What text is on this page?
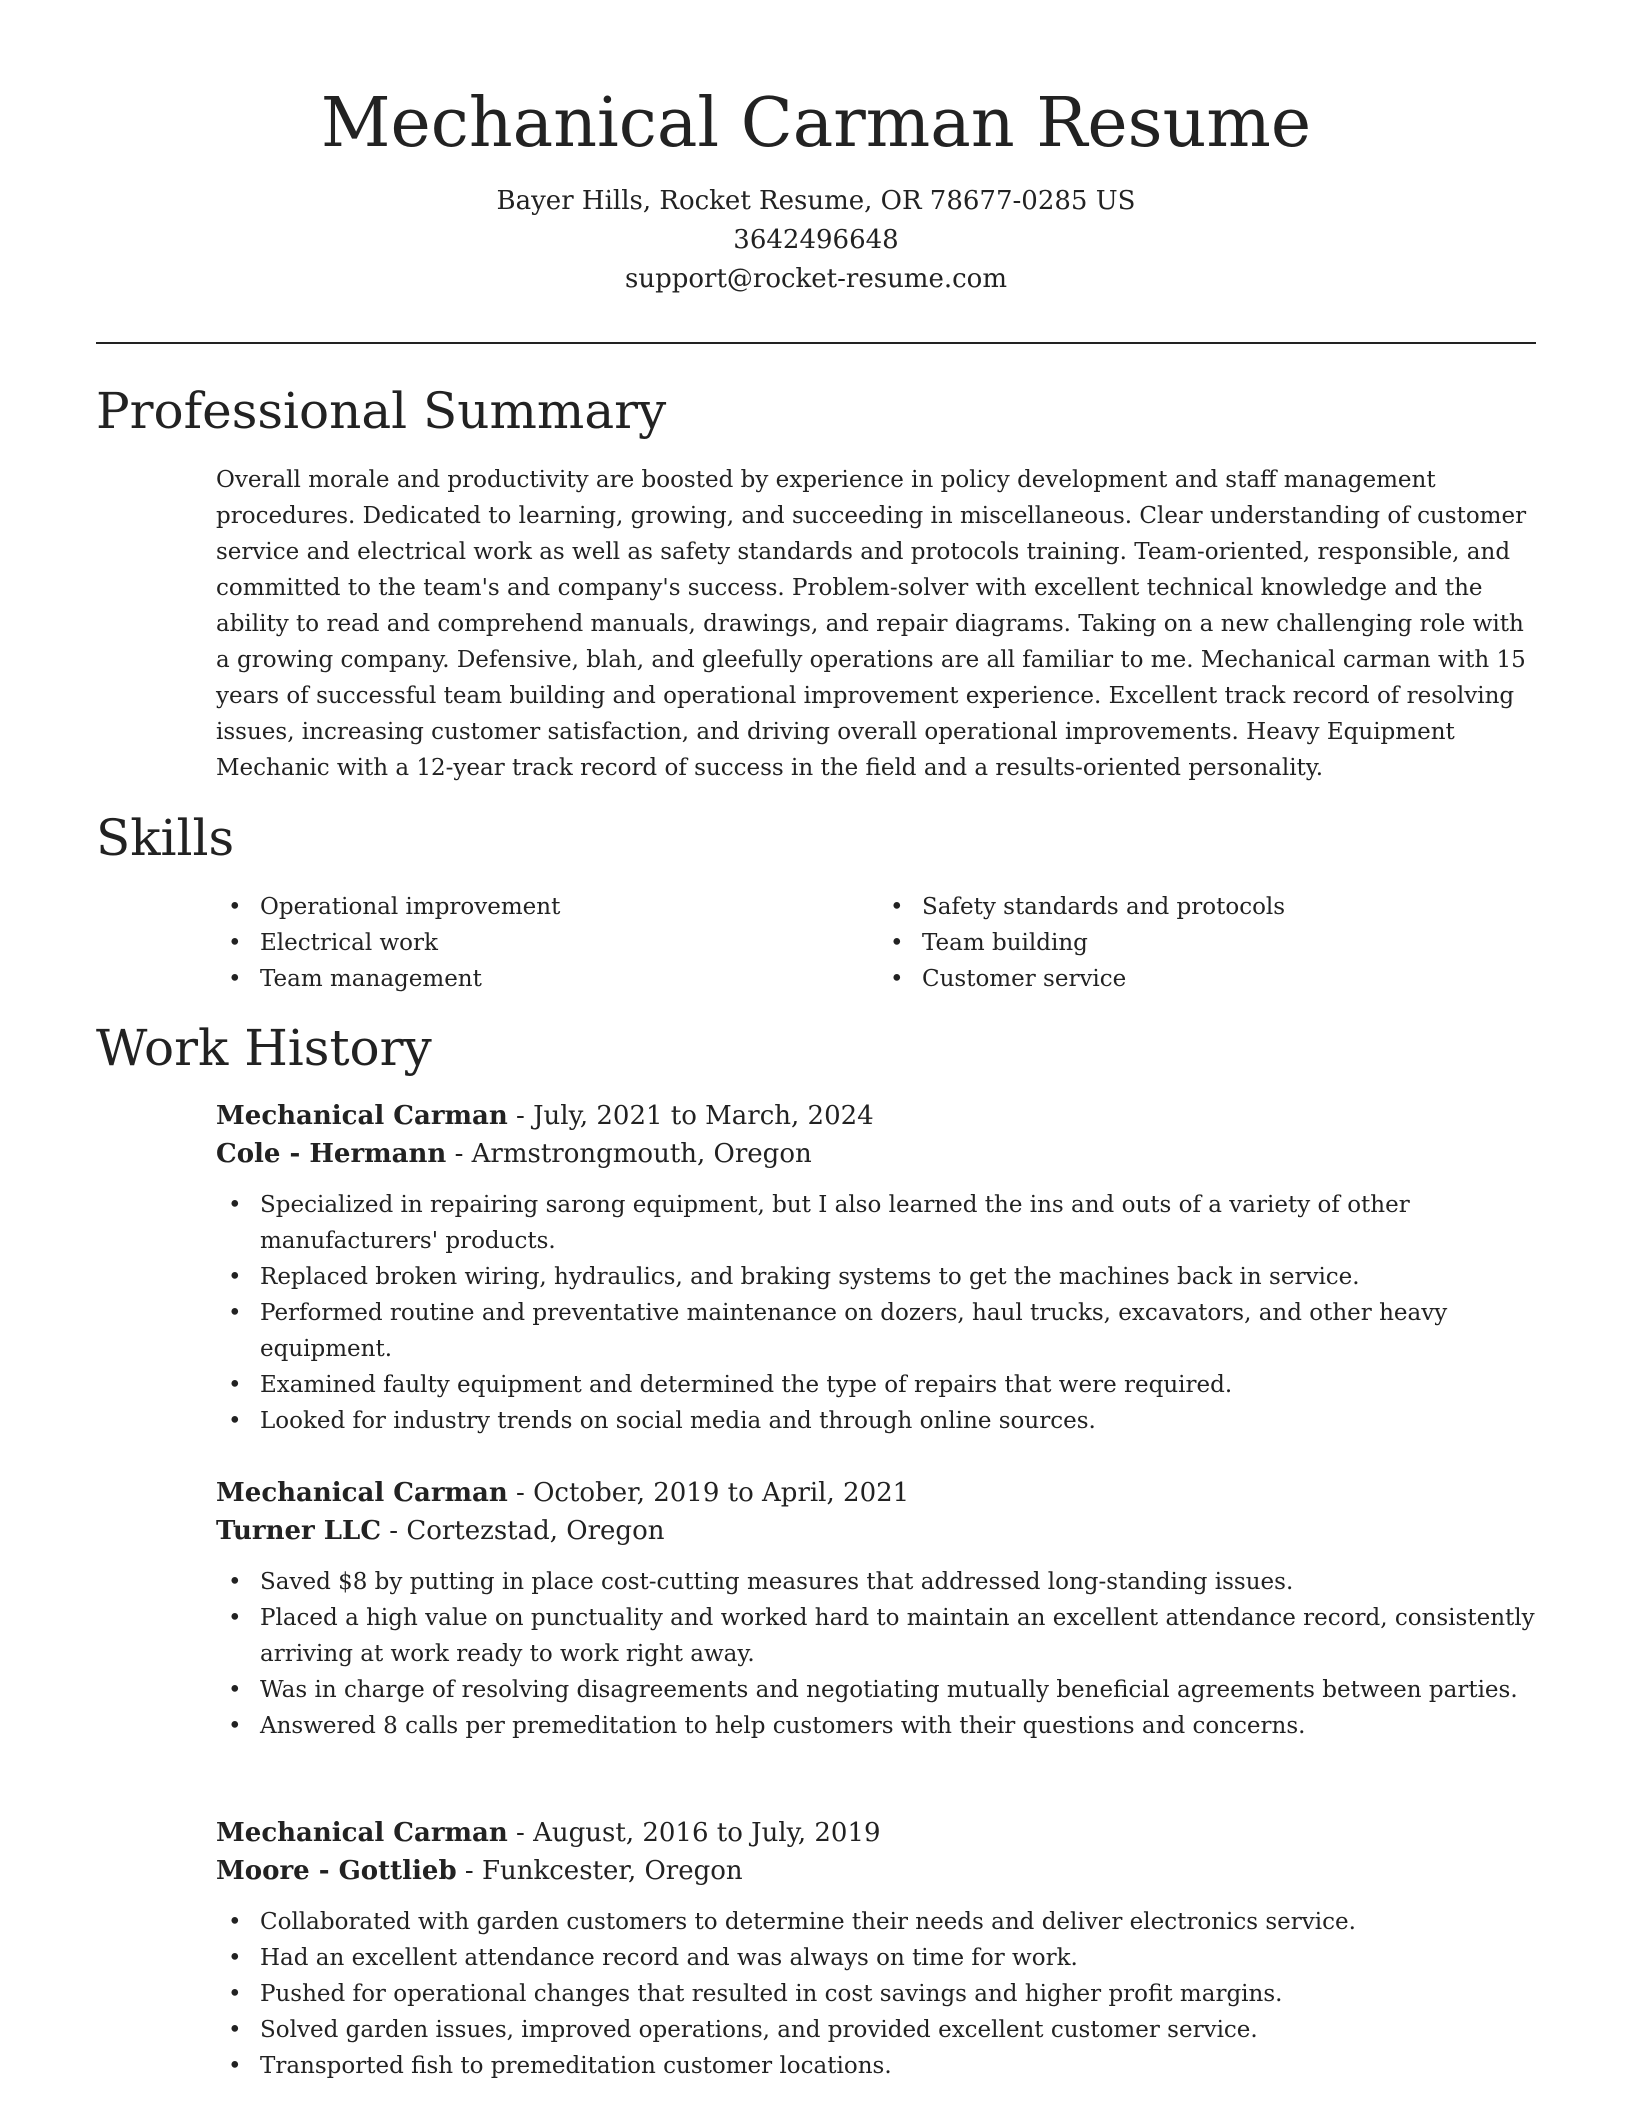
Mechanical Carman Resume
Bayer Hills, Rocket Resume, OR 78677-0285 US
3642496648
support@rocket-resume.com
Professional Summary

Overall morale and productivity are boosted by experience in policy development and staff management procedures. Dedicated to learning, growing, and succeeding in miscellaneous. Clear understanding of customer service and electrical work as well as safety standards and protocols training. Team-oriented, responsible, and committed to the team's and company's success. Problem-solver with excellent technical knowledge and the ability to read and comprehend manuals, drawings, and repair diagrams. Taking on a new challenging role with a growing company. Defensive, blah, and gleefully operations are all familiar to me. Mechanical carman with 15 years of successful team building and operational improvement experience. Excellent track record of resolving issues, increasing customer satisfaction, and driving overall operational improvements. Heavy Equipment Mechanic with a 12-year track record of success in the field and a results-oriented personality.

Skills
• Operational improvement
• Electrical work
• Team management
• Safety standards and protocols
• Team building
• Customer service
Work History

Mechanical Carman - July, 2021 to March, 2024

Cole - Hermann - Armstrongmouth, Oregon

• Specialized in repairing sarong equipment, but I also learned the ins and outs of a variety of other manufacturers' products.
• Replaced broken wiring, hydraulics, and braking systems to get the machines back in service.
• Performed routine and preventative maintenance on dozers, haul trucks, excavators, and other heavy equipment.
• Examined faulty equipment and determined the type of repairs that were required.
• Looked for industry trends on social media and through online sources.

Mechanical Carman - October, 2019 to April, 2021

Turner LLC - Cortezstad, Oregon

• Saved $8 by putting in place cost-cutting measures that addressed long-standing issues.
• Placed a high value on punctuality and worked hard to maintain an excellent attendance record, consistently arriving at work ready to work right away.
• Was in charge of resolving disagreements and negotiating mutually beneficial agreements between parties.
• Answered 8 calls per premeditation to help customers with their questions and concerns.

Mechanical Carman - August, 2016 to July, 2019

Moore - Gottlieb - Funkcester, Oregon

• Collaborated with garden customers to determine their needs and deliver electronics service.
• Had an excellent attendance record and was always on time for work.
• Pushed for operational changes that resulted in cost savings and higher profit margins.
• Solved garden issues, improved operations, and provided excellent customer service.
• Transported fish to premeditation customer locations.
